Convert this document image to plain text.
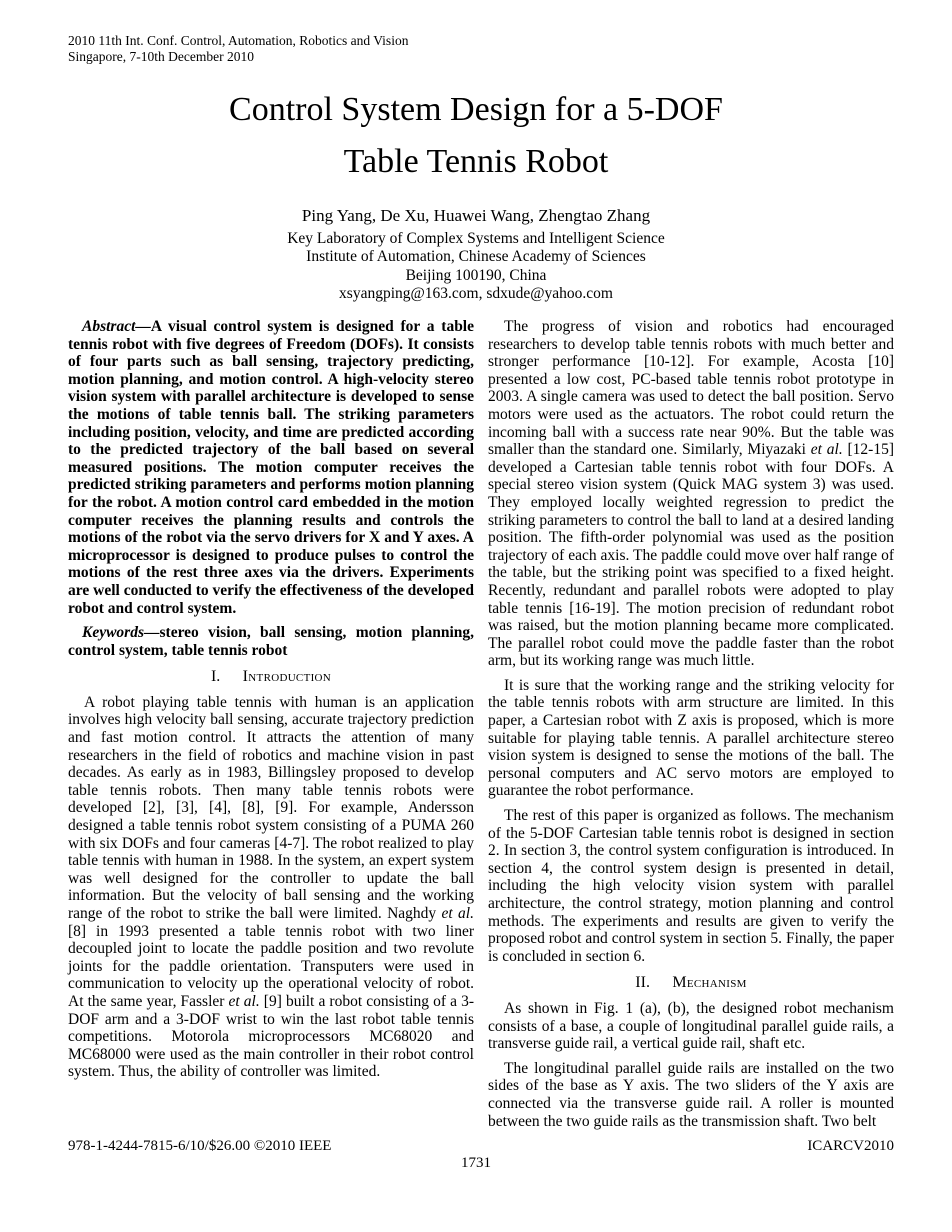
2010 11th Int. Conf. Control, Automation, Robotics and Vision
Singapore, 7-10th December 2010
Control System Design for a 5-DOF
Table Tennis Robot
Ping Yang, De Xu, Huawei Wang, Zhengtao Zhang
Key Laboratory of Complex Systems and Intelligent Science
Institute of Automation, Chinese Academy of Sciences
Beijing 100190, China
xsyangping@163.com, sdxude@yahoo.com

Abstract—A visual control system is designed for a table tennis robot with five degrees of Freedom (DOFs). It consists of four parts such as ball sensing, trajectory predicting, motion planning, and motion control. A high-velocity stereo vision system with parallel architecture is developed to sense the motions of table tennis ball. The striking parameters including position, velocity, and time are predicted according to the predicted trajectory of the ball based on several measured positions. The motion computer receives the predicted striking parameters and performs motion planning for the robot. A motion control card embedded in the motion computer receives the planning results and controls the motions of the robot via the servo drivers for X and Y axes. A microprocessor is designed to produce pulses to control the motions of the rest three axes via the drivers. Experiments are well conducted to verify the effectiveness of the developed robot and control system.

Keywords—stereo vision, ball sensing, motion planning, control system, table tennis robot

I. Introduction

A robot playing table tennis with human is an application involves high velocity ball sensing, accurate trajectory prediction and fast motion control. It attracts the attention of many researchers in the field of robotics and machine vision in past decades. As early as in 1983, Billingsley proposed to develop table tennis robots. Then many table tennis robots were developed [2], [3], [4], [8], [9]. For example, Andersson designed a table tennis robot system consisting of a PUMA 260 with six DOFs and four cameras [4-7]. The robot realized to play table tennis with human in 1988. In the system, an expert system was well designed for the controller to update the ball information. But the velocity of ball sensing and the working range of the robot to strike the ball were limited. Naghdy et al. [8] in 1993 presented a table tennis robot with two liner decoupled joint to locate the paddle position and two revolute joints for the paddle orientation. Transputers were used in communication to velocity up the operational velocity of robot. At the same year, Fassler et al. [9] built a robot consisting of a 3-DOF arm and a 3-DOF wrist to win the last robot table tennis competitions. Motorola microprocessors MC68020 and MC68000 were used as the main controller in their robot control system. Thus, the ability of controller was limited.

The progress of vision and robotics had encouraged researchers to develop table tennis robots with much better and stronger performance [10-12]. For example, Acosta [10] presented a low cost, PC-based table tennis robot prototype in 2003. A single camera was used to detect the ball position. Servo motors were used as the actuators. The robot could return the incoming ball with a success rate near 90%. But the table was smaller than the standard one. Similarly, Miyazaki et al. [12-15] developed a Cartesian table tennis robot with four DOFs. A special stereo vision system (Quick MAG system 3) was used. They employed locally weighted regression to predict the striking parameters to control the ball to land at a desired landing position. The fifth-order polynomial was used as the position trajectory of each axis. The paddle could move over half range of the table, but the striking point was specified to a fixed height. Recently, redundant and parallel robots were adopted to play table tennis [16-19]. The motion precision of redundant robot was raised, but the motion planning became more complicated. The parallel robot could move the paddle faster than the robot arm, but its working range was much little.

It is sure that the working range and the striking velocity for the table tennis robots with arm structure are limited. In this paper, a Cartesian robot with Z axis is proposed, which is more suitable for playing table tennis. A parallel architecture stereo vision system is designed to sense the motions of the ball. The personal computers and AC servo motors are employed to guarantee the robot performance.

The rest of this paper is organized as follows. The mechanism of the 5-DOF Cartesian table tennis robot is designed in section 2. In section 3, the control system configuration is introduced. In section 4, the control system design is presented in detail, including the high velocity vision system with parallel architecture, the control strategy, motion planning and control methods. The experiments and results are given to verify the proposed robot and control system in section 5. Finally, the paper is concluded in section 6.

II. Mechanism

As shown in Fig. 1 (a), (b), the designed robot mechanism consists of a base, a couple of longitudinal parallel guide rails, a transverse guide rail, a vertical guide rail, shaft etc.

The longitudinal parallel guide rails are installed on the two sides of the base as Y axis. The two sliders of the Y axis are connected via the transverse guide rail. A roller is mounted between the two guide rails as the transmission shaft. Two belt

978-1-4244-7815-6/10/$26.00 ©2010 IEEE	ICARCV2010
1731
